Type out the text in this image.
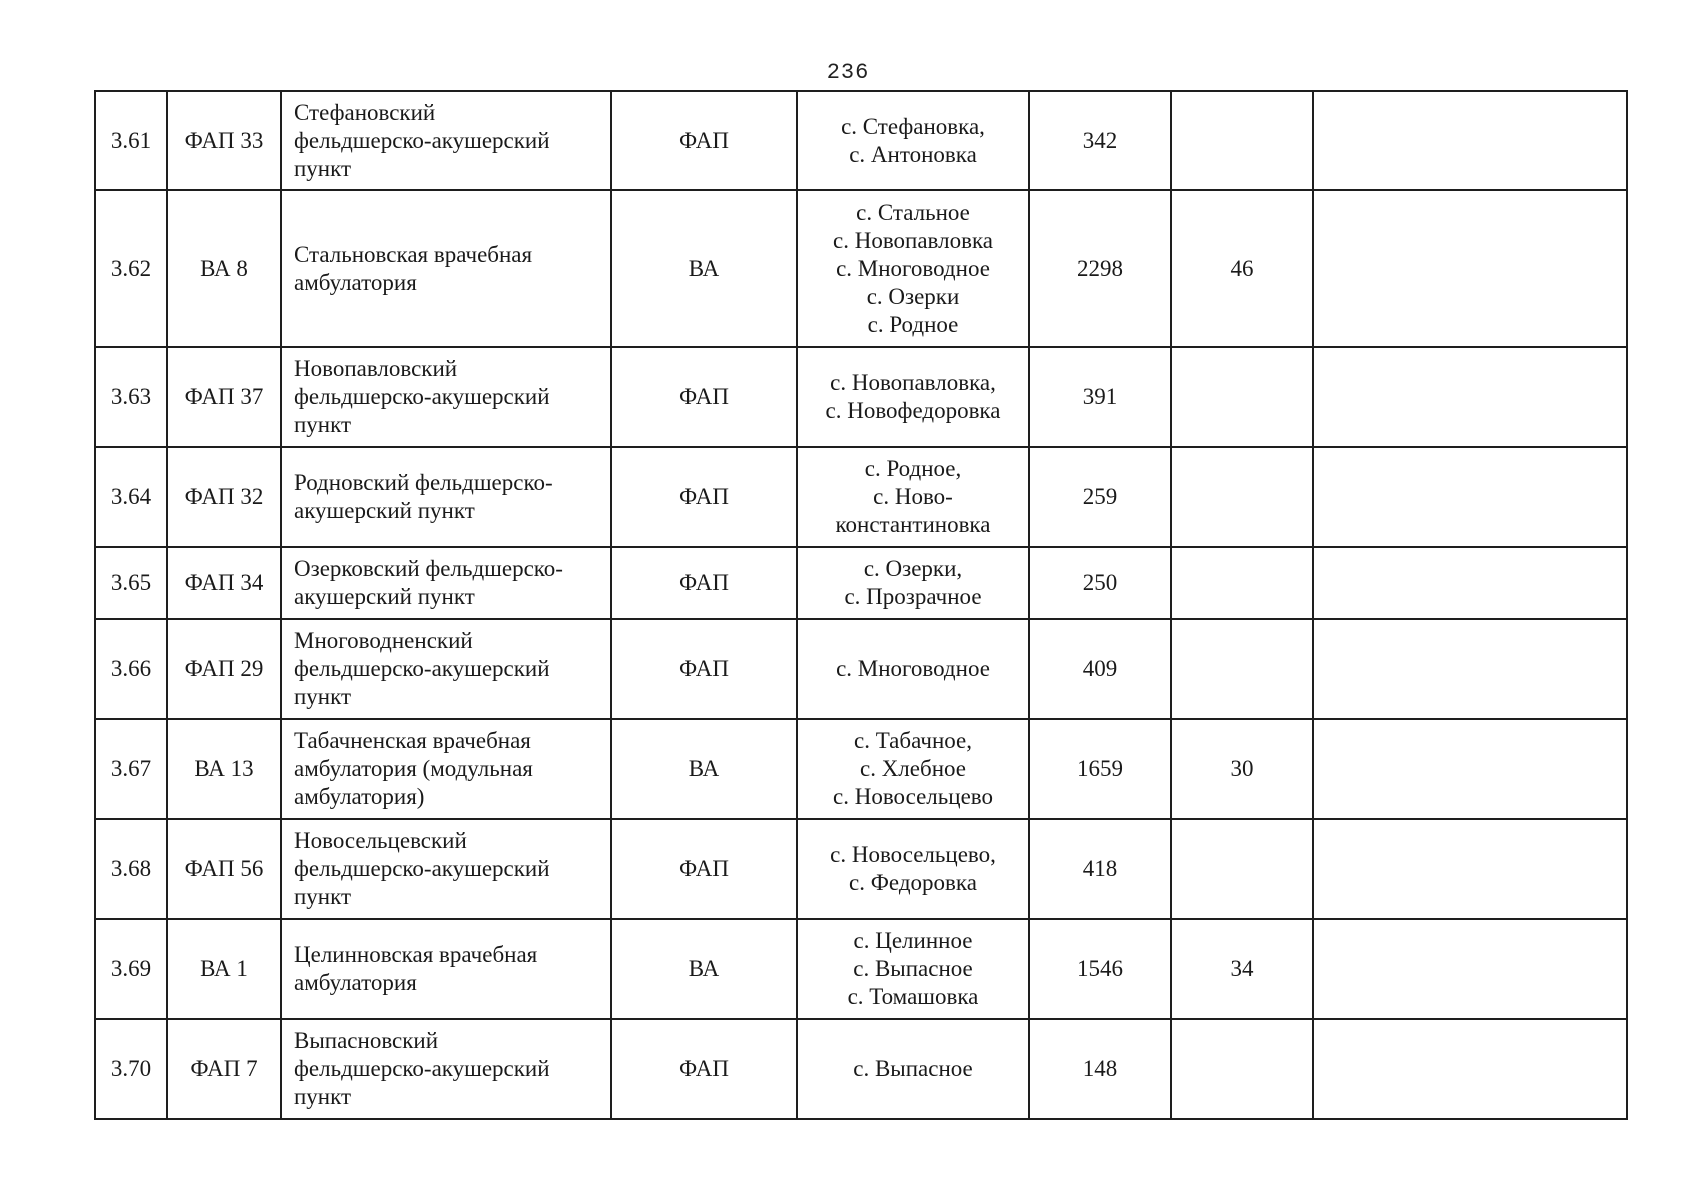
236
3.61	ФАП 33	Стефановский
фельдшерско-акушерский
пункт	ФАП	с. Стефановка,
с. Антоновка	342		
3.62	ВА 8	Стальновская врачебная
амбулатория	ВА	с. Стальное
с. Новопавловка
с. Многоводное
с. Озерки
с. Родное	2298	46	
3.63	ФАП 37	Новопавловский
фельдшерско-акушерский
пункт	ФАП	с. Новопавловка,
с. Новофедоровка	391		
3.64	ФАП 32	Родновский фельдшерско-
акушерский пункт	ФАП	с. Родное,
с. Ново-
константиновка	259		
3.65	ФАП 34	Озерковский фельдшерско-
акушерский пункт	ФАП	с. Озерки,
с. Прозрачное	250		
3.66	ФАП 29	Многоводненский
фельдшерско-акушерский
пункт	ФАП	с. Многоводное	409		
3.67	ВА 13	Табачненская врачебная
амбулатория (модульная
амбулатория)	ВА	с. Табачное,
с. Хлебное
с. Новосельцево	1659	30	
3.68	ФАП 56	Новосельцевский
фельдшерско-акушерский
пункт	ФАП	с. Новосельцево,
с. Федоровка	418		
3.69	ВА 1	Целинновская врачебная
амбулатория	ВА	с. Целинное
с. Выпасное
с. Томашовка	1546	34	
3.70	ФАП 7	Выпасновский
фельдшерско-акушерский
пункт	ФАП	с. Выпасное	148		
